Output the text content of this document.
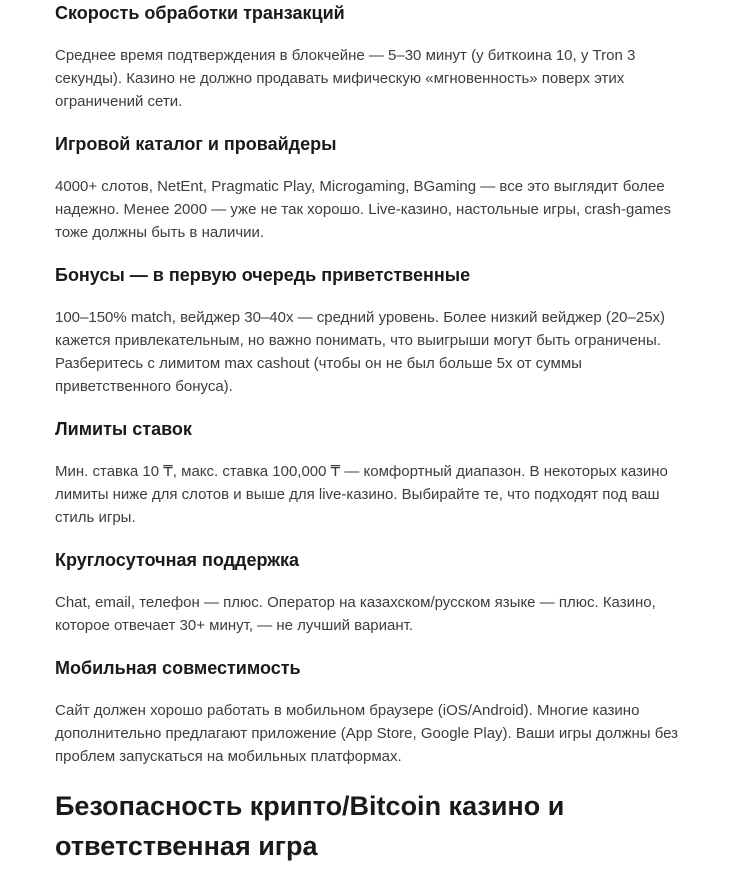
Скорость обработки транзакций

Среднее время подтверждения в блокчейне — 5–30 минут (у биткоина 10, у Tron 3 секунды). Казино не должно продавать мифическую «мгновенность» поверх этих ограничений сети.

Игровой каталог и провайдеры

4000+ слотов, NetEnt, Pragmatic Play, Microgaming, BGaming — все это выглядит более надежно. Менее 2000 — уже не так хорошо. Live-казино, настольные игры, crash-games тоже должны быть в наличии.

Бонусы — в первую очередь приветственные

100–150% match, вейджер 30–40x — средний уровень. Более низкий вейджер (20–25x) кажется привлекательным, но важно понимать, что выигрыши могут быть ограничены. Разберитесь с лимитом max cashout (чтобы он не был больше 5x от суммы приветственного бонуса).

Лимиты ставок

Мин. ставка 10 ₸, макс. ставка 100,000 ₸ — комфортный диапазон. В некоторых казино лимиты ниже для слотов и выше для live-казино. Выбирайте те, что подходят под ваш стиль игры.

Круглосуточная поддержка

Chat, email, телефон — плюс. Оператор на казахском/русском языке — плюс. Казино, которое отвечает 30+ минут, — не лучший вариант.

Мобильная совместимость

Сайт должен хорошо работать в мобильном браузере (iOS/Android). Многие казино дополнительно предлагают приложение (App Store, Google Play). Ваши игры должны без проблем запускаться на мобильных платформах.

Безопасность крипто/Bitcoin казино и ответственная игра
